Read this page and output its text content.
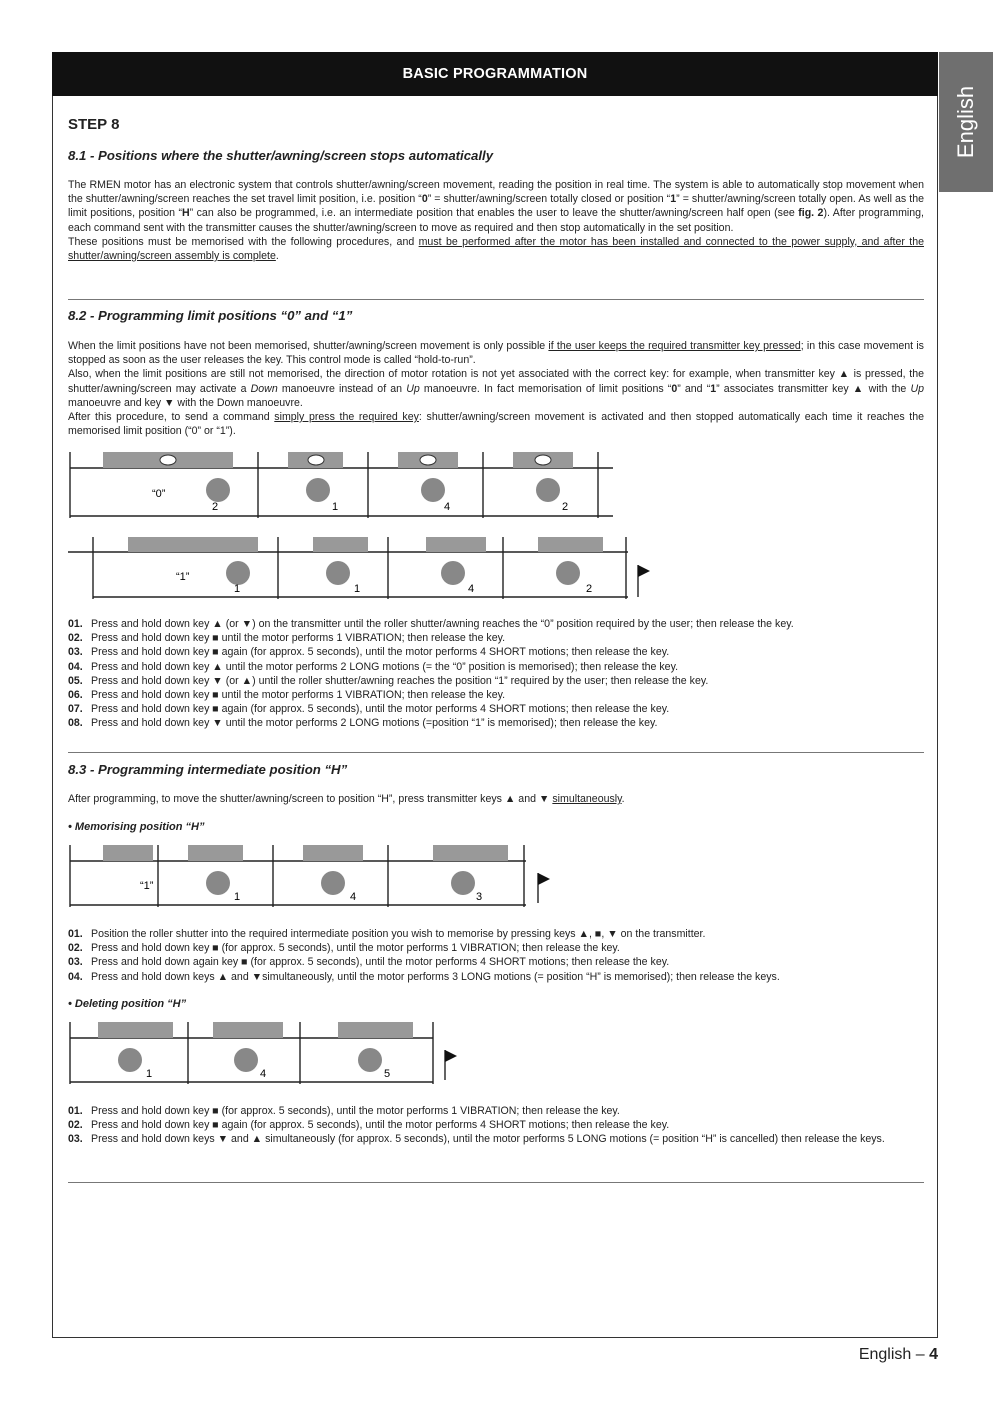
BASIC PROGRAMMATION
English
STEP 8
8.1 - Positions where the shutter/awning/screen stops automatically

The RMEN motor has an electronic system that controls shutter/awning/screen movement, reading the position in real time. The system is able to automatically stop movement when the shutter/awning/screen reaches the set travel limit position, i.e. position “0” = shutter/awning/screen totally closed or position “1” = shutter/awning/screen totally open. As well as the limit positions, position “H” can also be programmed, i.e. an intermediate position that enables the user to leave the shutter/awning/screen half open (see fig. 2). After programming, each command sent with the transmitter causes the shutter/awning/screen to move as required and then stop automatically in the set position.
These positions must be memorised with the following procedures, and must be performed after the motor has been installed and connected to the power supply, and after the shutter/awning/screen assembly is complete.

8.2 - Programming limit positions “0” and “1”

When the limit positions have not been memorised, shutter/awning/screen movement is only possible if the user keeps the required transmitter key pressed; in this case movement is stopped as soon as the user releases the key. This control mode is called “hold-to-run”.
Also, when the limit positions are still not memorised, the direction of motor rotation is not yet associated with the correct key: for example, when transmitter key ▲ is pressed, the shutter/awning/screen may activate a Down manoeuvre instead of an Up manoeuvre. In fact memorisation of limit positions “0” and “1” associates transmitter key ▲ with the Up manoeuvre and key ▼ with the Down manoeuvre.
After this procedure, to send a command simply press the required key: shutter/awning/screen movement is activated and then stopped automatically each time it reaches the memorised limit position (“0” or “1”).

“0”
2	1	4	2
“1”
1	1	4	2
01. Press and hold down key ▲ (or ▼) on the transmitter until the roller shutter/awning reaches the “0” position required by the user; then release the key.
02. Press and hold down key ■ until the motor performs 1 VIBRATION; then release the key.
03. Press and hold down key ■ again (for approx. 5 seconds), until the motor performs 4 SHORT motions; then release the key.
04. Press and hold down key ▲ until the motor performs 2 LONG motions (= the “0” position is memorised); then release the key.
05. Press and hold down key ▼ (or ▲) until the roller shutter/awning reaches the position “1” required by the user; then release the key.
06. Press and hold down key ■ until the motor performs 1 VIBRATION; then release the key.
07. Press and hold down key ■ again (for approx. 5 seconds), until the motor performs 4 SHORT motions; then release the key.
08. Press and hold down key ▼ until the motor performs 2 LONG motions (=position “1” is memorised); then release the key.
8.3 - Programming intermediate position “H”

After programming, to move the shutter/awning/screen to position “H”, press transmitter keys ▲ and ▼ simultaneously.

• Memorising position “H”
“1”
1	4	3
01. Position the roller shutter into the required intermediate position you wish to memorise by pressing keys ▲, ■, ▼ on the transmitter.
02. Press and hold down key ■ (for approx. 5 seconds), until the motor performs 1 VIBRATION; then release the key.
03. Press and hold down again key ■ (for approx. 5 seconds), until the motor performs 4 SHORT motions; then release the key.
04. Press and hold down keys ▲ and ▼simultaneously, until the motor performs 3 LONG motions (= position “H” is memorised); then release the keys.
• Deleting position “H”
1	4	5
01. Press and hold down key ■ (for approx. 5 seconds), until the motor performs 1 VIBRATION; then release the key.
02. Press and hold down key ■ again (for approx. 5 seconds), until the motor performs 4 SHORT motions; then release the key.
03. Press and hold down keys ▼ and ▲ simultaneously (for approx. 5 seconds), until the motor performs 5 LONG motions (= position “H” is cancelled) then release the keys.
English – 4
